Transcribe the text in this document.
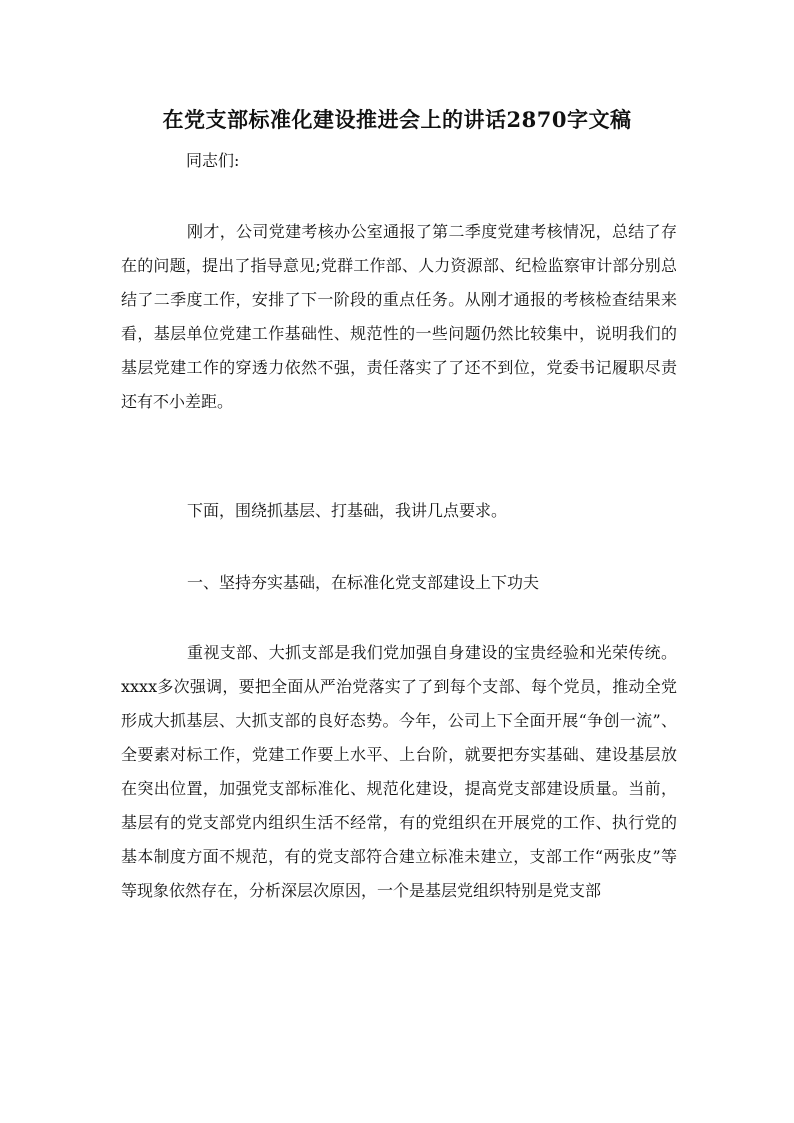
在党支部标准化建设推进会上的讲话2870字文稿
同志们:

刚才，公司党建考核办公室通报了第二季度党建考核情况，总结了存在的问题，提出了指导意见;党群工作部、人力资源部、纪检监察审计部分别总结了二季度工作，安排了下一阶段的重点任务。从刚才通报的考核检查结果来看，基层单位党建工作基础性、规范性的一些问题仍然比较集中，说明我们的基层党建工作的穿透力依然不强，责任落实了了还不到位，党委书记履职尽责还有不小差距。

下面，围绕抓基层、打基础，我讲几点要求。

一、坚持夯实基础，在标准化党支部建设上下功夫

重视支部、大抓支部是我们党加强自身建设的宝贵经验和光荣传统。xxxx多次强调，要把全面从严治党落实了了到每个支部、每个党员，推动全党形成大抓基层、大抓支部的良好态势。今年，公司上下全面开展“争创一流”、全要素对标工作，党建工作要上水平、上台阶，就要把夯实基础、建设基层放在突出位置，加强党支部标准化、规范化建设，提高党支部建设质量。当前，基层有的党支部党内组织生活不经常，有的党组织在开展党的工作、执行党的基本制度方面不规范，有的党支部符合建立标准未建立，支部工作“两张皮”等等现象依然存在，分析深层次原因，一个是基层党组织特别是党支部
